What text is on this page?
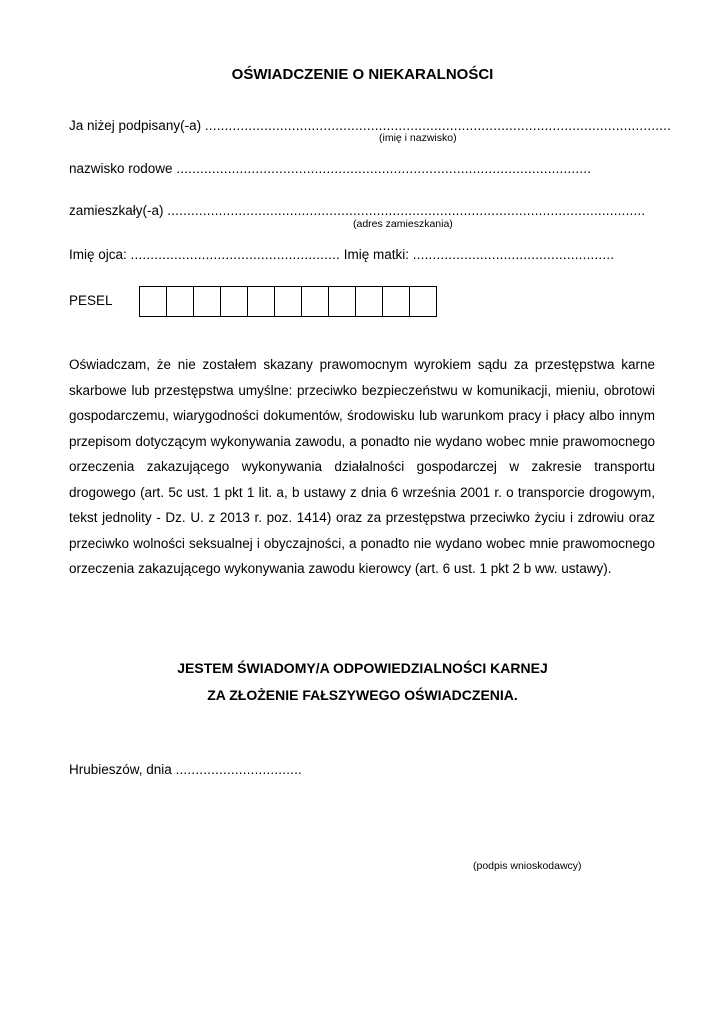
OŚWIADCZENIE O NIEKARALNOŚCI
Ja niżej podpisany(-a) ......................................................................................................................
(imię i nazwisko)
nazwisko rodowe .........................................................................................................
zamieszkały(-a) .........................................................................................................................
(adres zamieszkania)
Imię ojca: ..................................................... Imię matki: ...................................................
PESEL
Oświadczam, że nie zostałem skazany prawomocnym wyrokiem sądu za przestępstwa karne skarbowe lub przestępstwa umyślne: przeciwko bezpieczeństwu w komunikacji, mieniu, obrotowi gospodarczemu, wiarygodności dokumentów, środowisku lub warunkom pracy i płacy albo innym przepisom dotyczącym wykonywania zawodu, a ponadto nie wydano wobec mnie prawomocnego orzeczenia zakazującego wykonywania działalności gospodarczej w zakresie transportu drogowego (art. 5c ust. 1 pkt 1 lit. a, b ustawy z dnia 6 września 2001 r. o transporcie drogowym, tekst jednolity - Dz. U. z 2013 r. poz. 1414) oraz za przestępstwa przeciwko życiu i zdrowiu oraz przeciwko wolności seksualnej i obyczajności, a ponadto nie wydano wobec mnie prawomocnego orzeczenia zakazującego wykonywania zawodu kierowcy (art. 6 ust. 1 pkt 2 b ww. ustawy).
JESTEM ŚWIADOMY/A ODPOWIEDZIALNOŚCI KARNEJ
ZA ZŁOŻENIE FAŁSZYWEGO OŚWIADCZENIA.
Hrubieszów, dnia ................................
(podpis wnioskodawcy)
